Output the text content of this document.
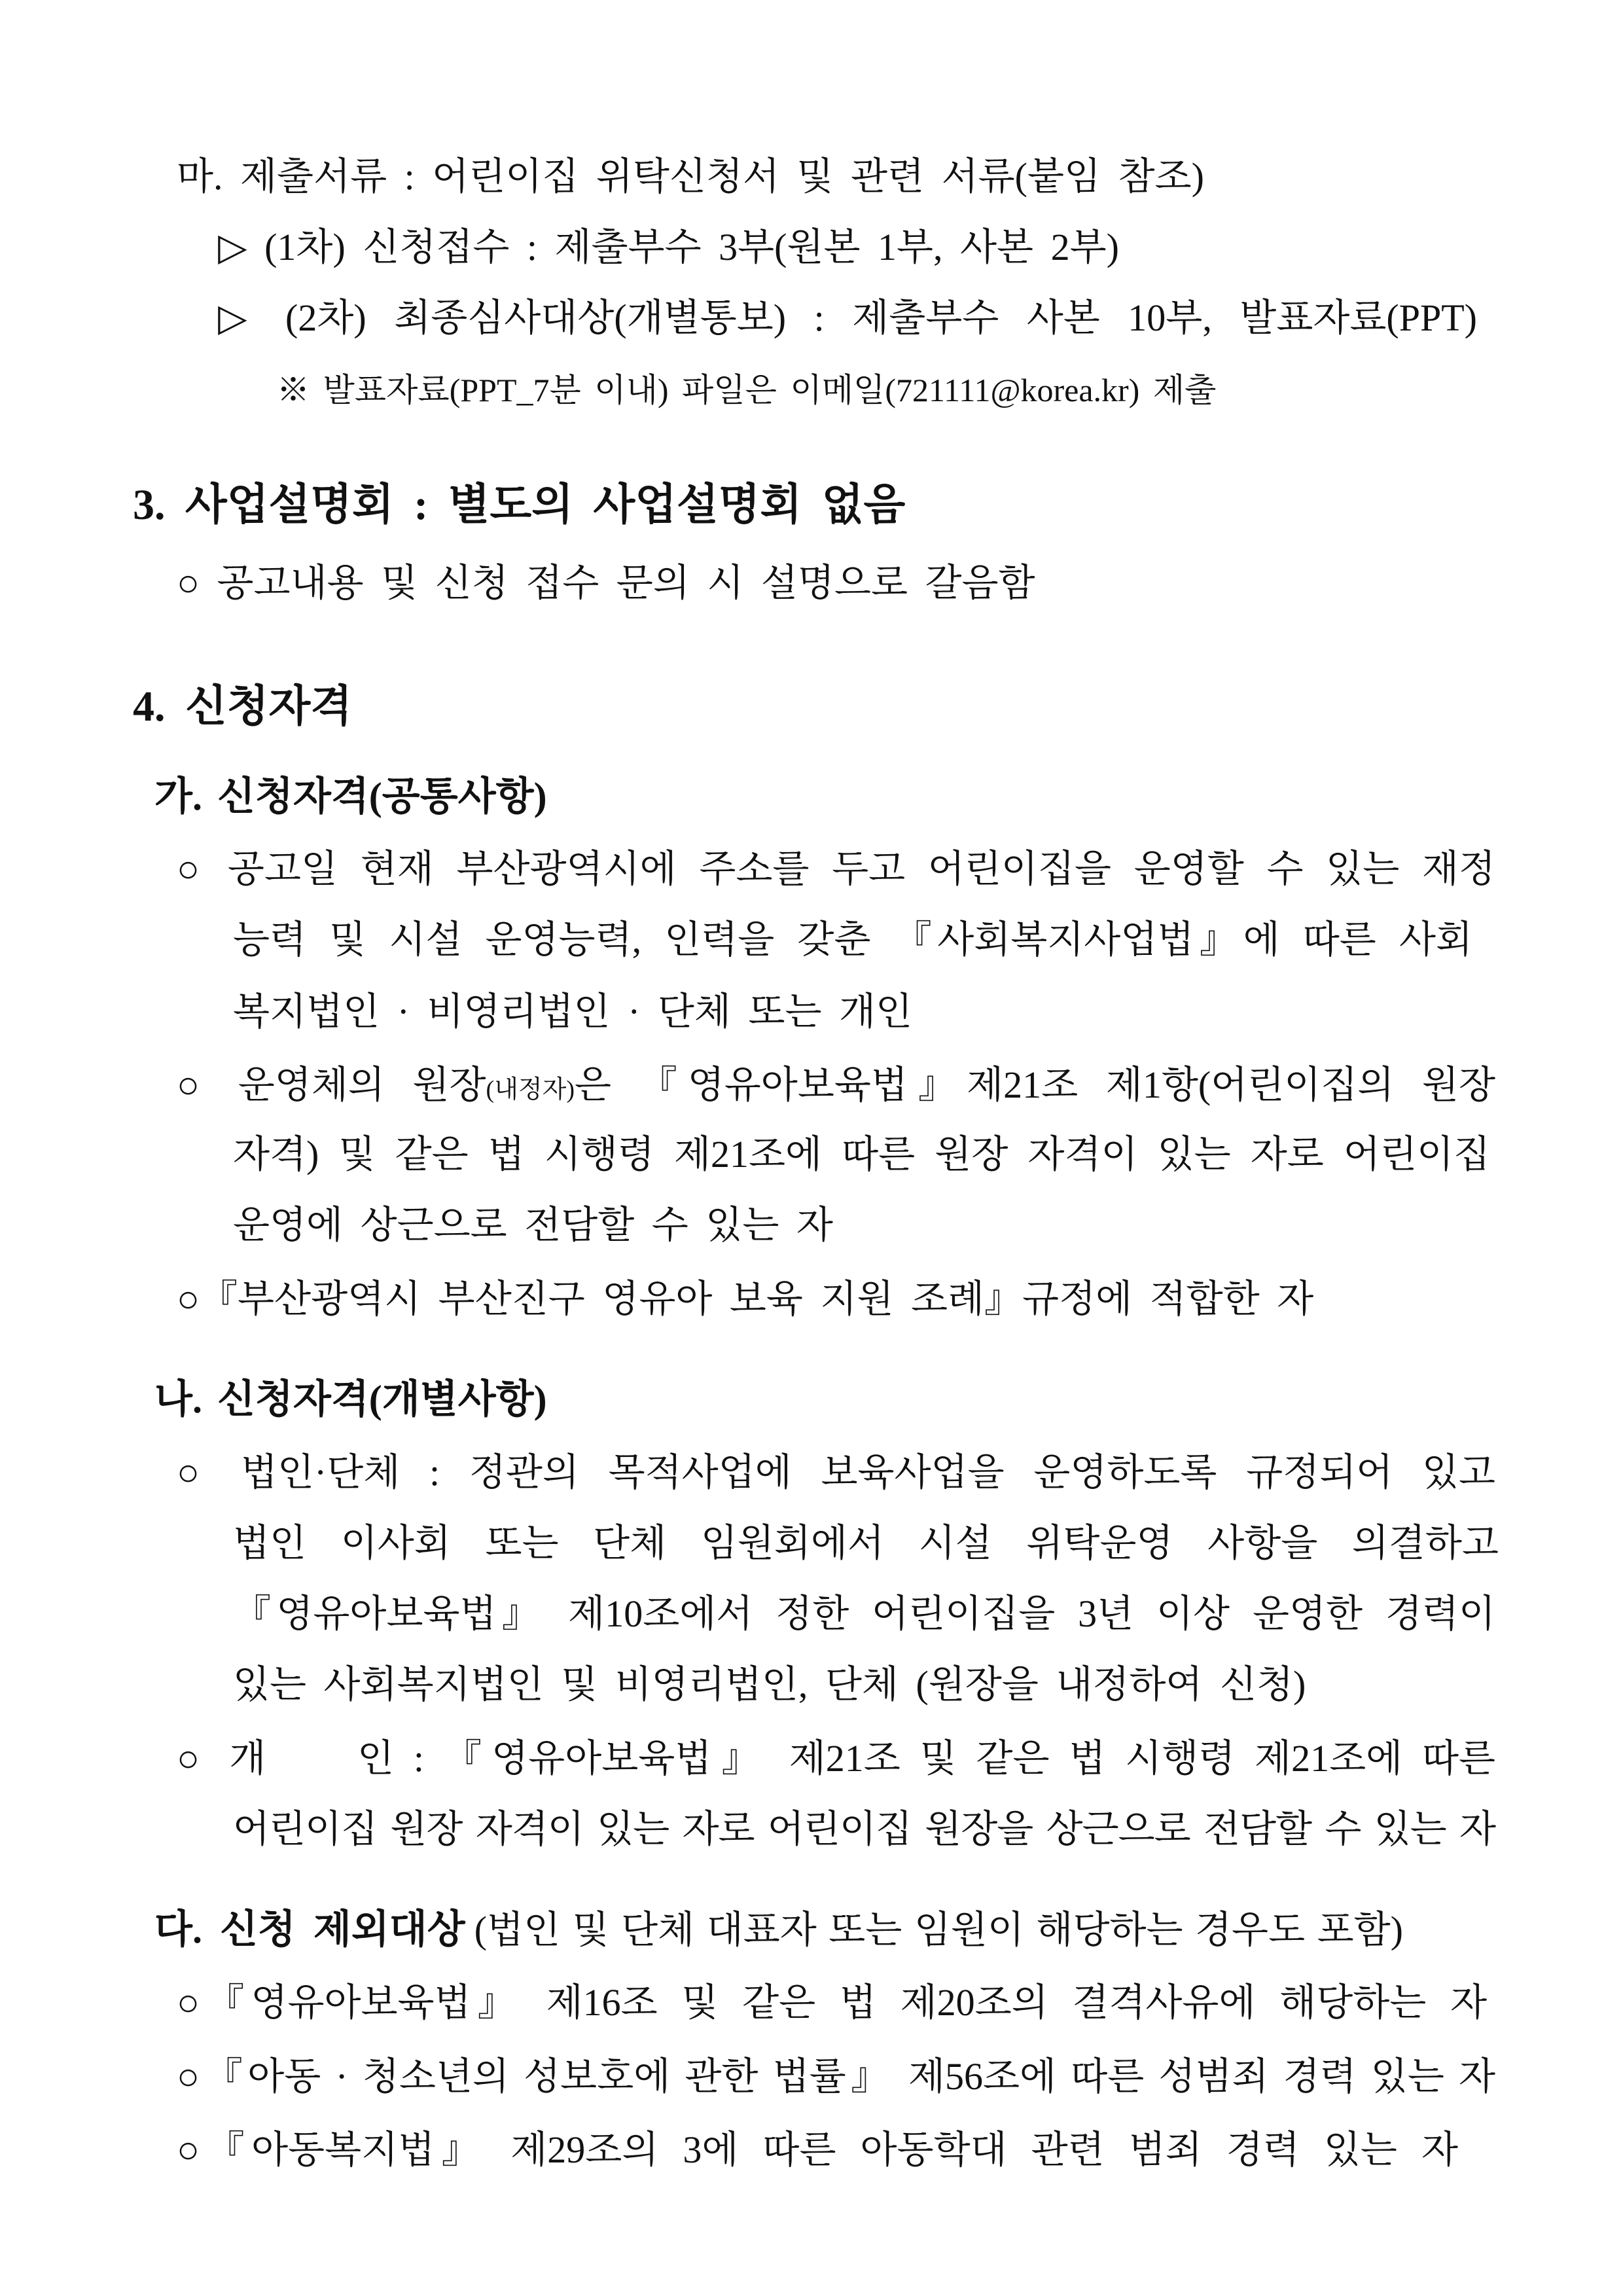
마. 제출서류 : 어린이집 위탁신청서 및 관련 서류(붙임 참조)
▷ (1차) 신청접수 : 제출부수 3부(원본 1부, 사본 2부)
▷ (2차) 최종심사대상(개별통보) : 제출부수 사본 10부, 발표자료(PPT)
※ 발표자료(PPT_7분 이내) 파일은 이메일(721111@korea.kr) 제출
3. 사업설명회 : 별도의 사업설명회 없음
○ 공고내용 및 신청 접수 문의 시 설명으로 갈음함
4. 신청자격
가. 신청자격(공통사항)
○ 공고일 현재 부산광역시에 주소를 두고 어린이집을 운영할 수 있는 재정
능력 및 시설 운영능력, 인력을 갖춘 『사회복지사업법』에 따른 사회
복지법인 · 비영리법인 · 단체 또는 개인
○ 운영체의 원장(내정자)은 『영유아보육법』제21조 제1항(어린이집의 원장
자격) 및 같은 법 시행령 제21조에 따른 원장 자격이 있는 자로 어린이집
운영에 상근으로 전담할 수 있는 자
○『부산광역시 부산진구 영유아 보육 지원 조례』규정에 적합한 자
나. 신청자격(개별사항)
○ 법인·단체 : 정관의 목적사업에 보육사업을 운영하도록 규정되어 있고
법인 이사회 또는 단체 임원회에서 시설 위탁운영 사항을 의결하고
『영유아보육법』 제10조에서 정한 어린이집을 3년 이상 운영한 경력이
있는 사회복지법인 및 비영리법인, 단체 (원장을 내정하여 신청)
○ 개 인 : 『영유아보육법』 제21조 및 같은 법 시행령 제21조에 따른
어린이집 원장 자격이 있는 자로 어린이집 원장을 상근으로 전담할 수 있는 자
다. 신청 제외대상 (법인 및 단체 대표자 또는 임원이 해당하는 경우도 포함)
○『영유아보육법』 제16조 및 같은 법 제20조의 결격사유에 해당하는 자
○『아동 · 청소년의 성보호에 관한 법률』 제56조에 따른 성범죄 경력 있는 자
○『아동복지법』 제29조의 3에 따른 아동학대 관련 범죄 경력 있는 자
